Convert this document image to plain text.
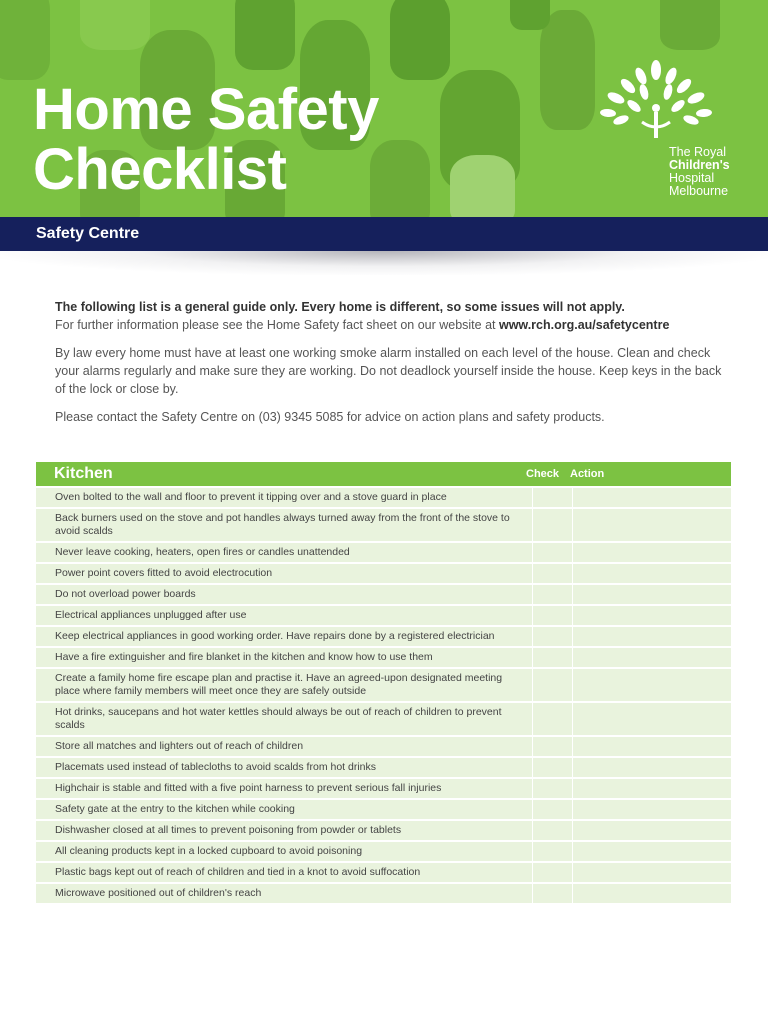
Home Safety
Checklist	The Royal
Children's
Hospital
Melbourne
Safety Centre

The following list is a general guide only. Every home is different, so some issues will not apply.
For further information please see the Home Safety fact sheet on our website at www.rch.org.au/safetycentre

By law every home must have at least one working smoke alarm installed on each level of the house. Clean and check your alarms regularly and make sure they are working. Do not deadlock yourself inside the house. Keep keys in the back of the lock or close by.

Please contact the Safety Centre on (03) 9345 5085 for advice on action plans and safety products.

Kitchen	Check Action
Oven bolted to the wall and floor to prevent it tipping over and a stove guard in place
Back burners used on the stove and pot handles always turned away from the front of the stove to avoid scalds
Never leave cooking, heaters, open fires or candles unattended
Power point covers fitted to avoid electrocution
Do not overload power boards
Electrical appliances unplugged after use
Keep electrical appliances in good working order. Have repairs done by a registered electrician
Have a fire extinguisher and fire blanket in the kitchen and know how to use them
Create a family home fire escape plan and practise it. Have an agreed-upon designated meeting place where family members will meet once they are safely outside
Hot drinks, saucepans and hot water kettles should always be out of reach of children to prevent scalds
Store all matches and lighters out of reach of children
Placemats used instead of tablecloths to avoid scalds from hot drinks
Highchair is stable and fitted with a five point harness to prevent serious fall injuries
Safety gate at the entry to the kitchen while cooking
Dishwasher closed at all times to prevent poisoning from powder or tablets
All cleaning products kept in a locked cupboard to avoid poisoning
Plastic bags kept out of reach of children and tied in a knot to avoid suffocation
Microwave positioned out of children's reach
